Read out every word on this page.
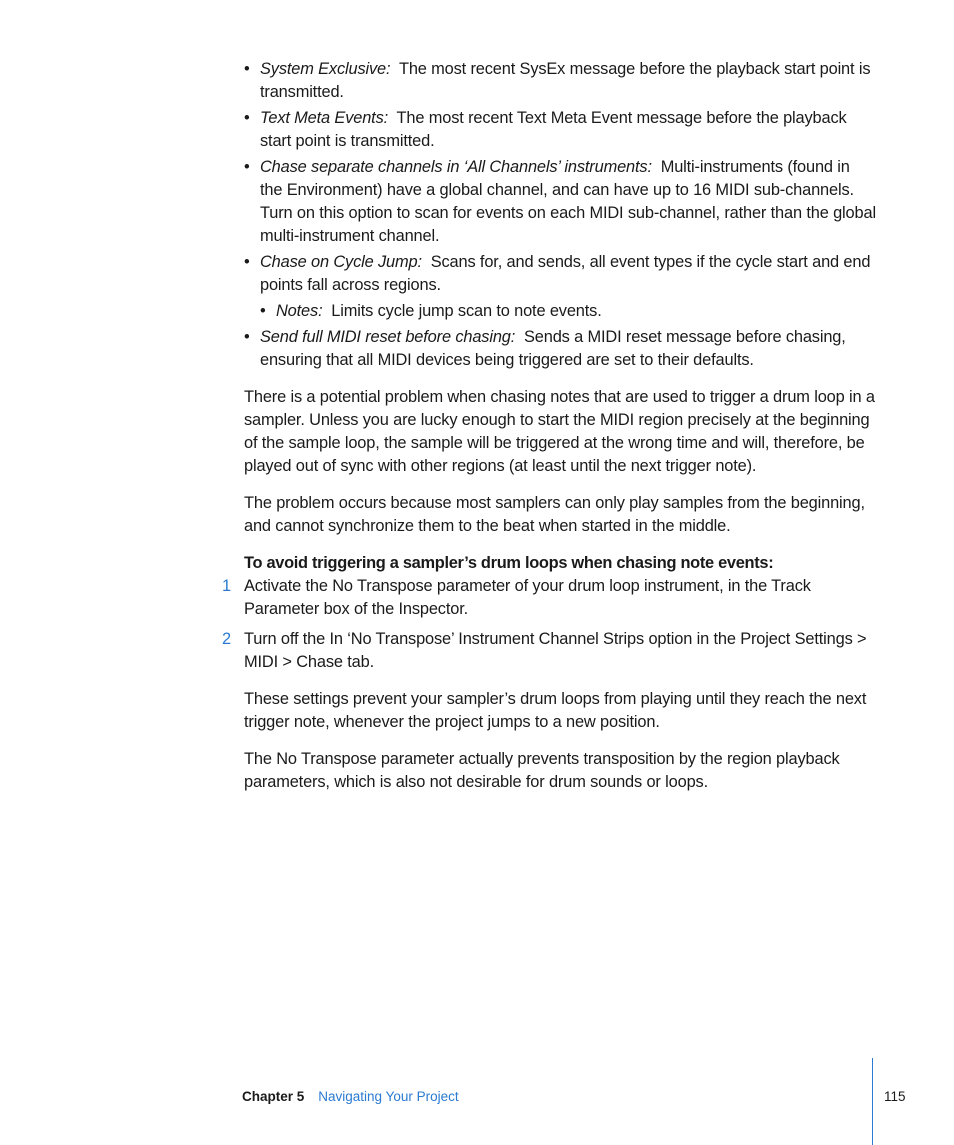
• System Exclusive: The most recent SysEx message before the playback start point is transmitted.
• Text Meta Events: The most recent Text Meta Event message before the playback start point is transmitted.
• Chase separate channels in ‘All Channels’ instruments: Multi-instruments (found in the Environment) have a global channel, and can have up to 16 MIDI sub-channels. Turn on this option to scan for events on each MIDI sub-channel, rather than the global multi-instrument channel.
• Chase on Cycle Jump: Scans for, and sends, all event types if the cycle start and end points fall across regions.
• Notes: Limits cycle jump scan to note events.
• Send full MIDI reset before chasing: Sends a MIDI reset message before chasing, ensuring that all MIDI devices being triggered are set to their defaults.

There is a potential problem when chasing notes that are used to trigger a drum loop in a sampler. Unless you are lucky enough to start the MIDI region precisely at the beginning of the sample loop, the sample will be triggered at the wrong time and will, therefore, be played out of sync with other regions (at least until the next trigger note).

The problem occurs because most samplers can only play samples from the beginning, and cannot synchronize them to the beat when started in the middle.

To avoid triggering a sampler’s drum loops when chasing note events:

1 Activate the No Transpose parameter of your drum loop instrument, in the Track Parameter box of the Inspector.
2 Turn off the In ‘No Transpose’ Instrument Channel Strips option in the Project Settings > MIDI > Chase tab.

These settings prevent your sampler’s drum loops from playing until they reach the next trigger note, whenever the project jumps to a new position.

The No Transpose parameter actually prevents transposition by the region playback parameters, which is also not desirable for drum sounds or loops.

Chapter 5 Navigating Your Project	115
